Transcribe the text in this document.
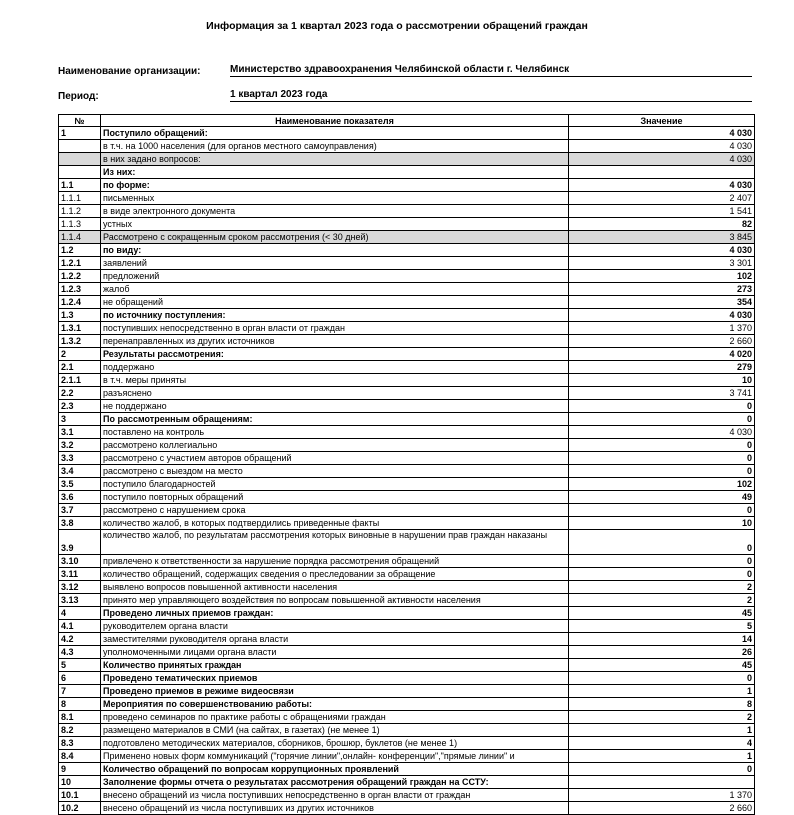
Информация за 1 квартал 2023 года о рассмотрении обращений граждан
Наименование организации:	Министерство здравоохранения Челябинской области г. Челябинск
Период:	1 квартал 2023 года
№	Наименование показателя	Значение
1	Поступило обращений:	4 030
	в т.ч. на 1000 населения (для органов местного самоуправления)	4 030
	в них задано вопросов:	4 030
	Из них:	
1.1	по форме:	4 030
1.1.1	письменных	2 407
1.1.2	в виде электронного документа	1 541
1.1.3	устных	82
1.1.4	Рассмотрено с сокращенным сроком рассмотрения (< 30 дней)	3 845
1.2	по виду:	4 030
1.2.1	заявлений	3 301
1.2.2	предложений	102
1.2.3	жалоб	273
1.2.4	не обращений	354
1.3	по источнику поступления:	4 030
1.3.1	поступивших непосредственно в орган власти от граждан	1 370
1.3.2	перенаправленных из других источников	2 660
2	Результаты рассмотрения:	4 020
2.1	поддержано	279
2.1.1	в т.ч. меры приняты	10
2.2	разъяснено	3 741
2.3	не поддержано	0
3	По рассмотренным обращениям:	0
3.1	поставлено на контроль	4 030
3.2	рассмотрено коллегиально	0
3.3	рассмотрено с участием авторов обращений	0
3.4	рассмотрено с выездом на место	0
3.5	поступило благодарностей	102
3.6	поступило повторных обращений	49
3.7	рассмотрено с нарушением срока	0
3.8	количество жалоб, в которых подтвердились приведенные факты	10
3.9	количество жалоб, по результатам рассмотрения которых виновные в нарушении прав граждан наказаны	0
3.10	привлечено к ответственности за нарушение порядка рассмотрения обращений	0
3.11	количество обращений, содержащих сведения о преследовании за обращение	0
3.12	выявлено вопросов повышенной активности населения	2
3.13	принято мер управляющего воздействия по вопросам повышенной активности населения	2
4	Проведено личных приемов граждан:	45
4.1	руководителем органа власти	5
4.2	заместителями руководителя органа власти	14
4.3	уполномоченными лицами органа власти	26
5	Количество принятых граждан	45
6	Проведено тематических приемов	0
7	Проведено приемов в режиме видеосвязи	1
8	Мероприятия по совершенствованию работы:	8
8.1	проведено семинаров по практике работы с обращениями граждан	2
8.2	размещено материалов в СМИ (на сайтах, в газетах) (не менее 1)	1
8.3	подготовлено методических материалов, сборников, брошюр, буклетов (не менее 1)	4
8.4	Применено новых форм коммуникаций ("горячие линии",онлайн- конференции","прямые линии" и	1
9	Количество обращений по вопросам коррупционных проявлений	0
10	Заполнение формы отчета о результатах рассмотрения обращений граждан на ССТУ:	
10.1	внесено обращений из числа поступивших непосредственно в орган власти от граждан	1 370
10.2	внесено обращений из числа поступивших из других источников	2 660
